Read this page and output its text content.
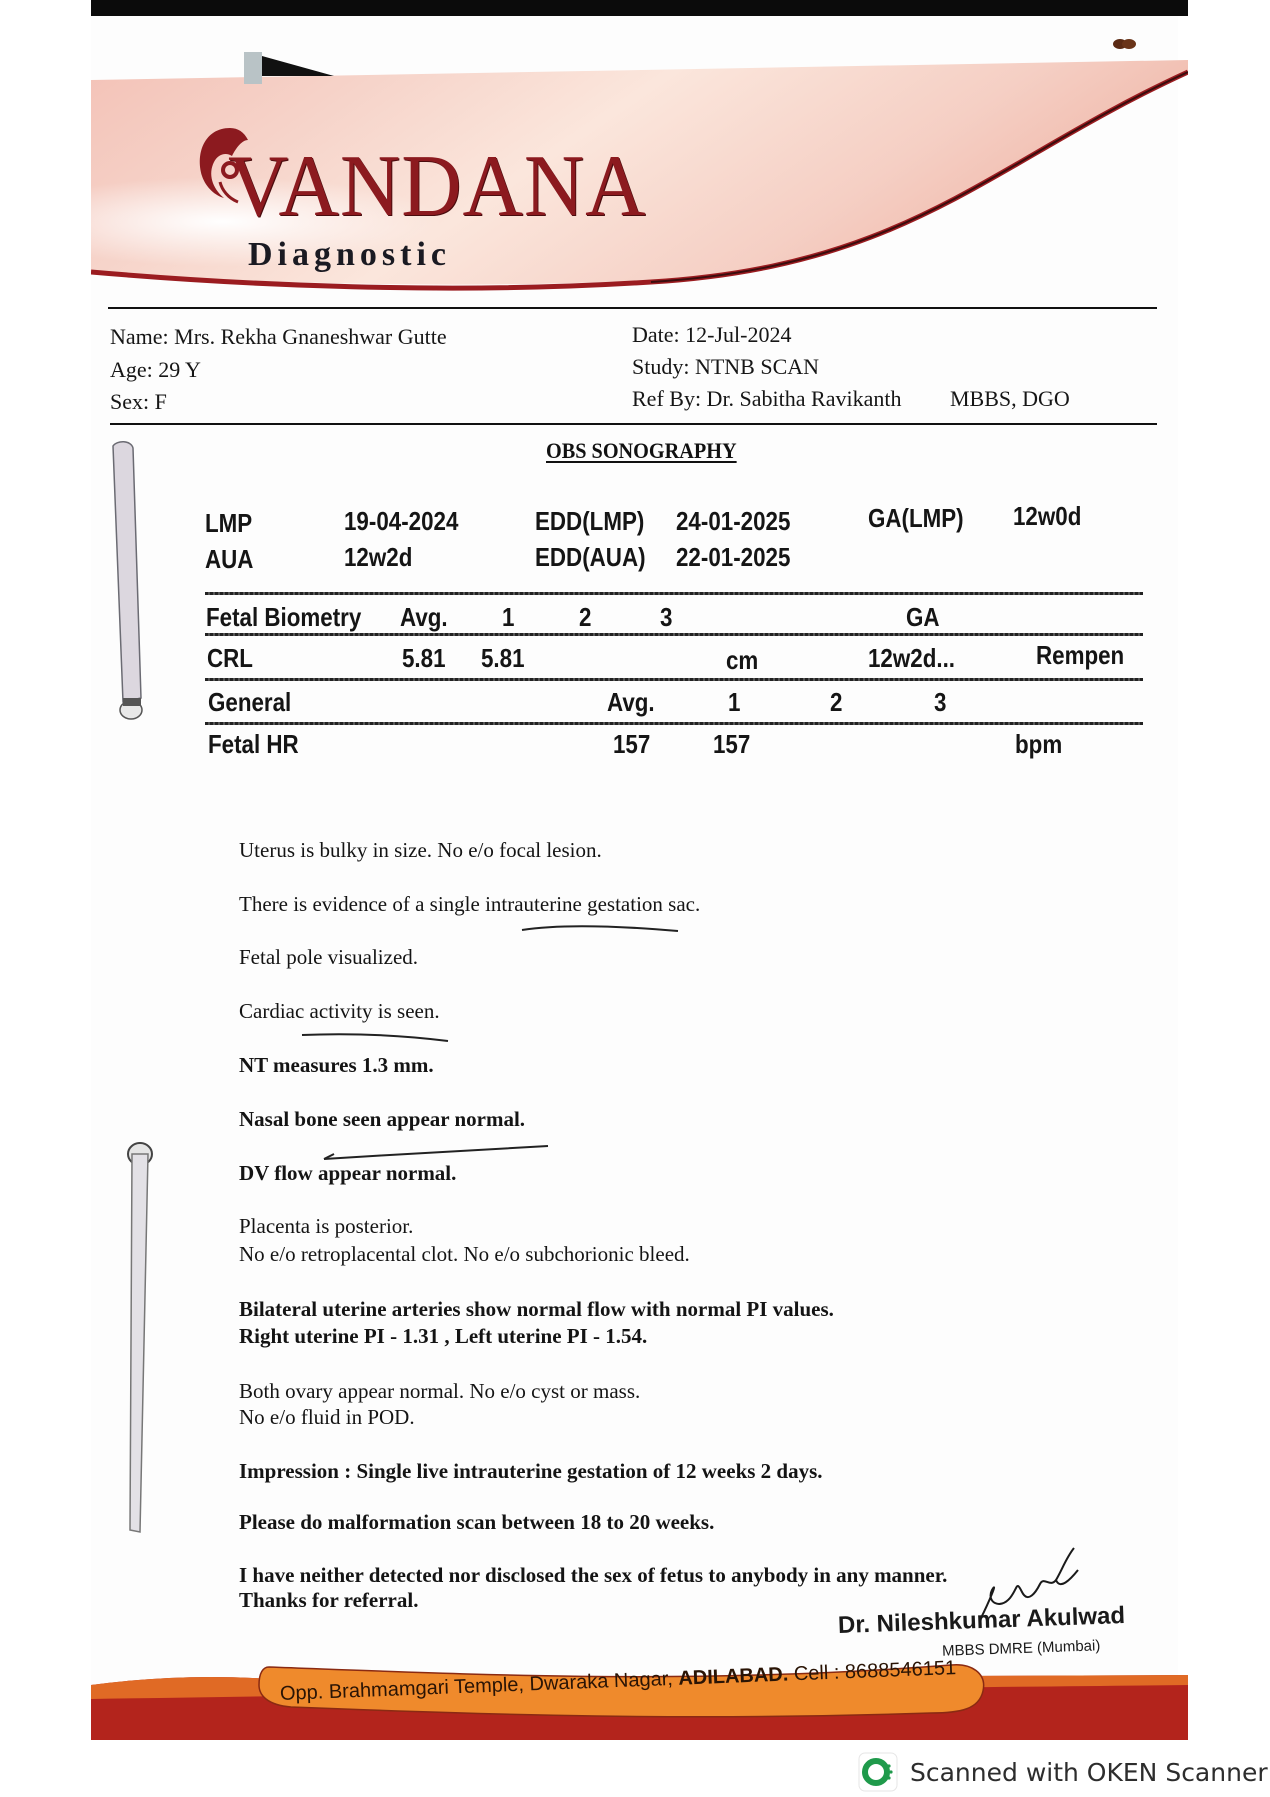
VANDANA
Diagnostic
Name: Mrs. Rekha Gnaneshwar Gutte
Age: 29 Y
Sex: F
Date: 12-Jul-2024
Study: NTNB SCAN
Ref By: Dr. Sabitha Ravikanth MBBS, DGO
OBS SONOGRAPHY
LMP	19-04-2024	EDD(LMP) 24-01-2025	GA(LMP) 12w0d
AUA	12w2d	EDD(AUA) 22-01-2025
Fetal Biometry Avg. 1 2	3	GA
CRL	5.81 5.81	cm	12w2d...	Rempen
General	Avg.	1	2	3
Fetal HR	157 157	bpm
Uterus is bulky in size. No e/o focal lesion.
There is evidence of a single intrauterine gestation sac.
Fetal pole visualized.
Cardiac activity is seen.
NT measures 1.3 mm.
Nasal bone seen appear normal.
DV flow appear normal.
Placenta is posterior.
No e/o retroplacental clot. No e/o subchorionic bleed.
Bilateral uterine arteries show normal flow with normal PI values.
Right uterine PI - 1.31 , Left uterine PI - 1.54.
Both ovary appear normal. No e/o cyst or mass.
No e/o fluid in POD.
Impression : Single live intrauterine gestation of 12 weeks 2 days.
Please do malformation scan between 18 to 20 weeks.
I have neither detected nor disclosed the sex of fetus to anybody in any manner.
Thanks for referral.
Dr. Nileshkumar Akulwad
MBBS DMRE (Mumbai)
Opp. Brahmamgari Temple, Dwaraka Nagar, ADILABAD. Cell : 8688546151
Scanned with OKEN Scanner
